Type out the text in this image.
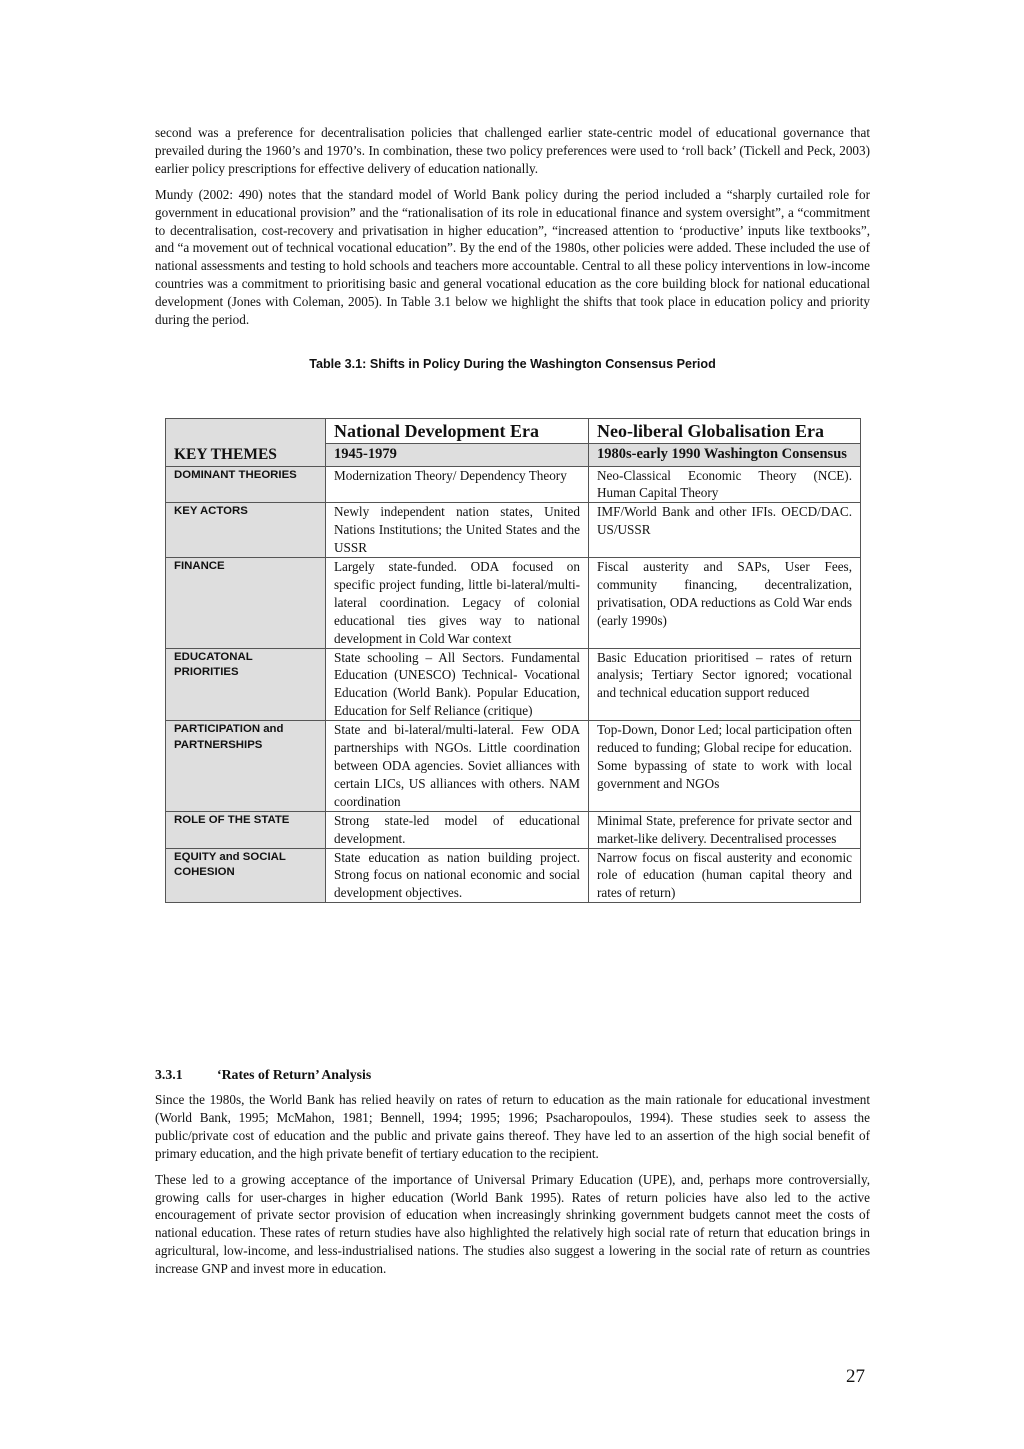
second was a preference for decentralisation policies that challenged earlier state-centric model of educational governance that prevailed during the 1960’s and 1970’s. In combination, these two policy preferences were used to ‘roll back’ (Tickell and Peck, 2003) earlier policy prescriptions for effective delivery of education nationally.

Mundy (2002: 490) notes that the standard model of World Bank policy during the period included a “sharply curtailed role for government in educational provision” and the “rationalisation of its role in educational finance and system oversight”, a “commitment to decentralisation, cost-recovery and privatisation in higher education”, “increased attention to ‘productive’ inputs like textbooks”, and “a movement out of technical vocational education”. By the end of the 1980s, other policies were added. These included the use of national assessments and testing to hold schools and teachers more accountable. Central to all these policy interventions in low-income countries was a commitment to prioritising basic and general vocational education as the core building block for national educational development (Jones with Coleman, 2005). In Table 3.1 below we highlight the shifts that took place in education policy and priority during the period.

Table 3.1: Shifts in Policy During the Washington Consensus Period
	National Development Era	Neo-liberal Globalisation Era
KEY THEMES	1945-1979	1980s-early 1990 Washington Consensus
DOMINANT THEORIES	Modernization Theory/ Dependency Theory	Neo-Classical Economic Theory (NCE). Human Capital Theory
KEY ACTORS	Newly independent nation states, United Nations Institutions; the United States and the USSR	IMF/World Bank and other IFIs. OECD/DAC. US/USSR
FINANCE	Largely state-funded. ODA focused on specific project funding, little bi-lateral/multi-lateral coordination. Legacy of colonial educational ties gives way to national development in Cold War context	Fiscal austerity and SAPs, User Fees, community financing, decentralization, privatisation, ODA reductions as Cold War ends (early 1990s)
EDUCATONAL PRIORITIES	State schooling – All Sectors. Fundamental Education (UNESCO) Technical- Vocational Education (World Bank). Popular Education, Education for Self Reliance (critique)	Basic Education prioritised – rates of return analysis; Tertiary Sector ignored; vocational and technical education support reduced
PARTICIPATION and PARTNERSHIPS	State and bi-lateral/multi-lateral. Few ODA partnerships with NGOs. Little coordination between ODA agencies. Soviet alliances with certain LICs, US alliances with others. NAM coordination	Top-Down, Donor Led; local participation often reduced to funding; Global recipe for education. Some bypassing of state to work with local government and NGOs
ROLE OF THE STATE	Strong state-led model of educational development.	Minimal State, preference for private sector and market-like delivery. Decentralised processes
EQUITY and SOCIAL COHESION	State education as nation building project. Strong focus on national economic and social development objectives.	Narrow focus on fiscal austerity and economic role of education (human capital theory and rates of return)
3.3.1 ‘Rates of Return’ Analysis

Since the 1980s, the World Bank has relied heavily on rates of return to education as the main rationale for educational investment (World Bank, 1995; McMahon, 1981; Bennell, 1994; 1995; 1996; Psacharopoulos, 1994). These studies seek to assess the public/private cost of education and the public and private gains thereof. They have led to an assertion of the high social benefit of primary education, and the high private benefit of tertiary education to the recipient.

These led to a growing acceptance of the importance of Universal Primary Education (UPE), and, perhaps more controversially, growing calls for user-charges in higher education (World Bank 1995). Rates of return policies have also led to the active encouragement of private sector provision of education when increasingly shrinking government budgets cannot meet the costs of national education. These rates of return studies have also highlighted the relatively high social rate of return that education brings in agricultural, low-income, and less-industrialised nations. The studies also suggest a lowering in the social rate of return as countries increase GNP and invest more in education.

27
